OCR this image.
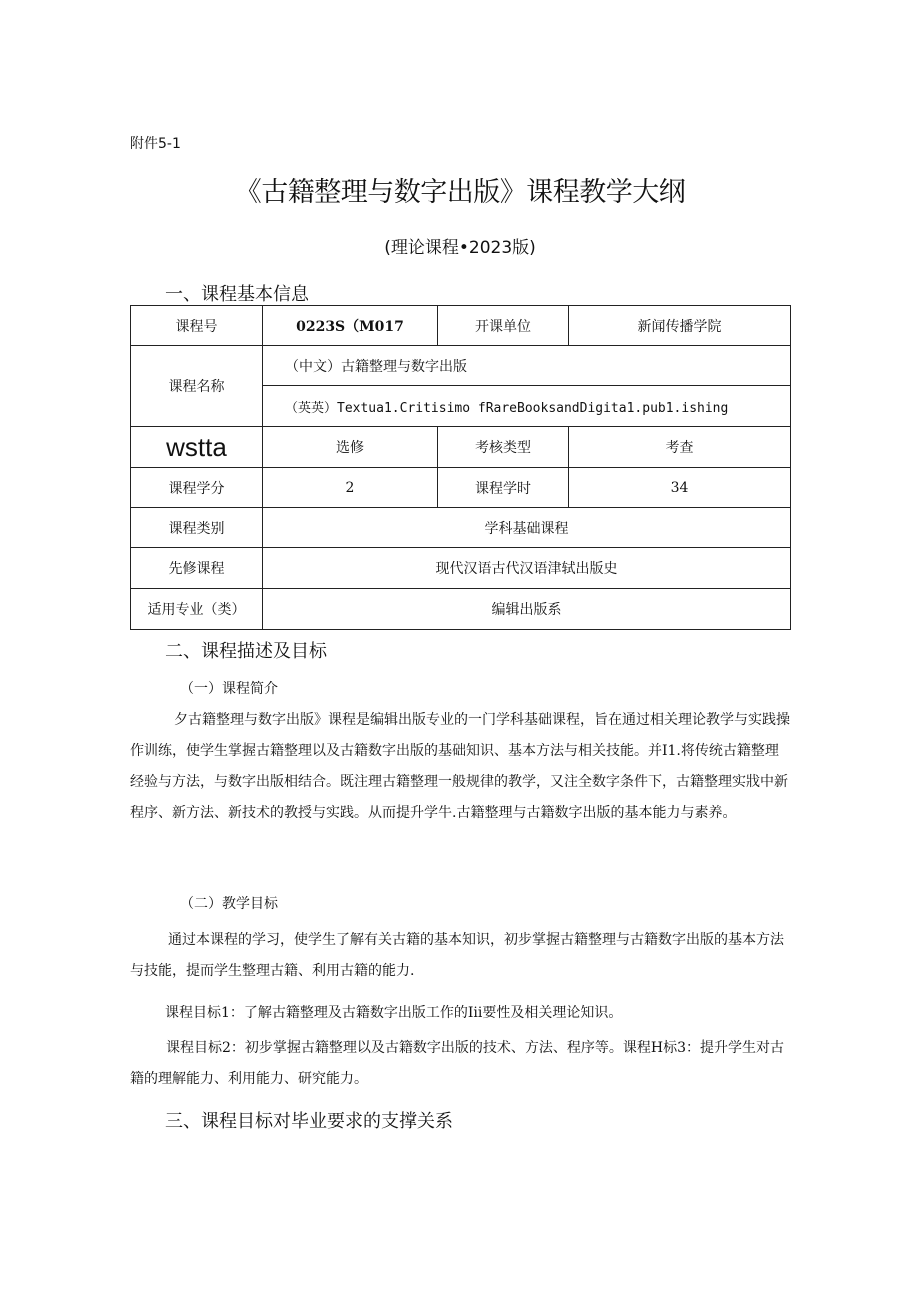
附件5-1
《古籍整理与数字出版》课程教学大纲
(理论课程•2023版)
一、课程基本信息
课程号	0223S（M017	开课单位	新闻传播学院
课程名称	（中文）古籍整理与数字出版		
	（英英）Textua1.Critisimo fRareBooksandDigita1.pub1.ishing		
wstta	选修	考核类型	考查
课程学分	2	课程学时	34
课程类别	学科基础课程		
先修课程	现代汉语古代汉语津轼出版史		
适用专业（类）	编辑出版系		
二、课程描述及目标
（一）课程简介
夕古籍整理与数字出版》课程是编辑出版专业的一门学科基础课程，旨在通过相关理论教学与实践操作训练，使学生掌握古籍整理以及古籍数字出版的基础知识、基本方法与相关技能。并I1.将传统古籍整理经验与方法，与数字出版相结合。既注理古籍整理一般规律的教学，又注全数字条件下，古籍整理实戕中新程序、新方法、新技术的教授与实践。从而提升学牛.古籍整理与古籍数字出版的基本能力与素养。
（二）教学目标
通过本课程的学习，使学生了解有关古籍的基本知识，初步掌握古籍整理与古籍数字出版的基本方法与技能，提而学生整理古籍、利用古籍的能力.
课程目标1：了解古籍整理及古籍数字出版工作的Iii要性及相关理论知识。
课程目标2：初步掌握古籍整理以及古籍数字出版的技术、方法、程序等。课程H标3：提升学生对古籍的理解能力、利用能力、研究能力。
三、课程目标对毕业要求的支撑关系
